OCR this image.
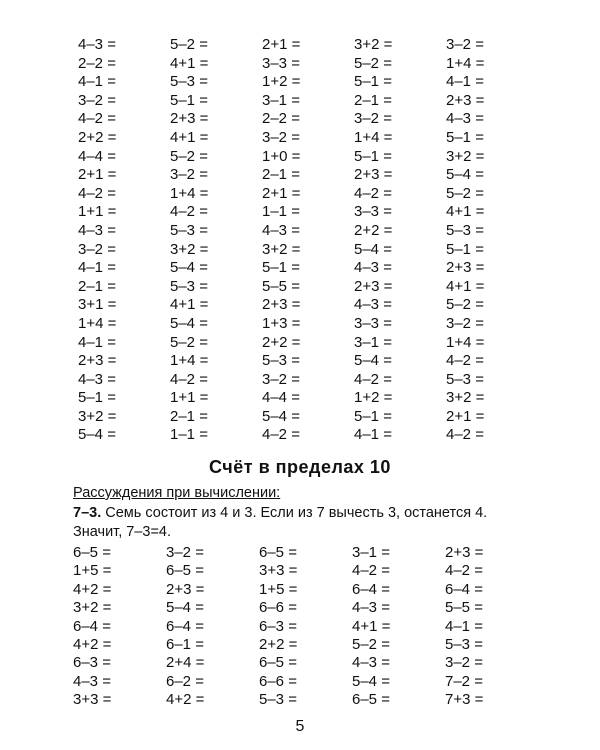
4–3 =	5–2 =	2+1 =	3+2 =	3–2 =
2–2 =	4+1 =	3–3 =	5–2 =	1+4 =
4–1 =	5–3 =	1+2 =	5–1 =	4–1 =
3–2 =	5–1 =	3–1 =	2–1 =	2+3 =
4–2 =	2+3 =	2–2 =	3–2 =	4–3 =
2+2 =	4+1 =	3–2 =	1+4 =	5–1 =
4–4 =	5–2 =	1+0 =	5–1 =	3+2 =
2+1 =	3–2 =	2–1 =	2+3 =	5–4 =
4–2 =	1+4 =	2+1 =	4–2 =	5–2 =
1+1 =	4–2 =	1–1 =	3–3 =	4+1 =
4–3 =	5–3 =	4–3 =	2+2 =	5–3 =
3–2 =	3+2 =	3+2 =	5–4 =	5–1 =
4–1 =	5–4 =	5–1 =	4–3 =	2+3 =
2–1 =	5–3 =	5–5 =	2+3 =	4+1 =
3+1 =	4+1 =	2+3 =	4–3 =	5–2 =
1+4 =	5–4 =	1+3 =	3–3 =	3–2 =
4–1 =	5–2 =	2+2 =	3–1 =	1+4 =
2+3 =	1+4 =	5–3 =	5–4 =	4–2 =
4–3 =	4–2 =	3–2 =	4–2 =	5–3 =
5–1 =	1+1 =	4–4 =	1+2 =	3+2 =
3+2 =	2–1 =	5–4 =	5–1 =	2+1 =
5–4 =	1–1 =	4–2 =	4–1 =	4–2 =
Счёт в пределах 10
Рассуждения при вычислении:
7–3. Семь состоит из 4 и 3. Если из 7 вычесть 3, останется 4. Значит, 7–3=4.
6–5 =	3–2 =	6–5 =	3–1 =	2+3 =
1+5 =	6–5 =	3+3 =	4–2 =	4–2 =
4+2 =	2+3 =	1+5 =	6–4 =	6–4 =
3+2 =	5–4 =	6–6 =	4–3 =	5–5 =
6–4 =	6–4 =	6–3 =	4+1 =	4–1 =
4+2 =	6–1 =	2+2 =	5–2 =	5–3 =
6–3 =	2+4 =	6–5 =	4–3 =	3–2 =
4–3 =	6–2 =	6–6 =	5–4 =	7–2 =
3+3 =	4+2 =	5–3 =	6–5 =	7+3 =
5
